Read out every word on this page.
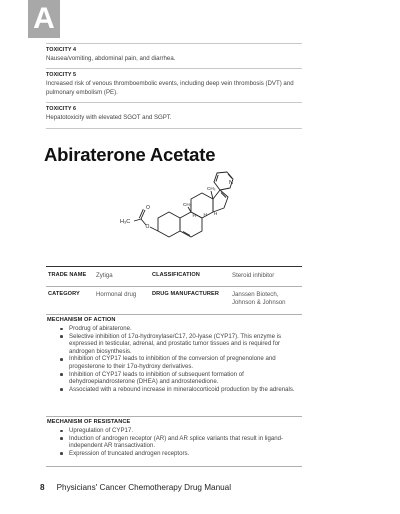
A
TOXICITY 4
Nausea/vomiting, abdominal pain, and diarrhea.
TOXICITY 5
Increased risk of venous thromboembolic events, including deep vein thrombosis (DVT) and pulmonary embolism (PE).
TOXICITY 6
Hepatotoxicity with elevated SGOT and SGPT.
Abiraterone Acetate
H₃C
O
O
N
CH₃
CH₃
H H
H
TRADE NAME	Zytiga	CLASSIFICATION	Steroid inhibitor
CATEGORY	Hormonal drug	DRUG MANUFACTURER	Janssen Biotech, Johnson & Johnson
MECHANISM OF ACTION
Prodrug of abiraterone.
Selective inhibition of 17α-hydroxylase/C17, 20-lyase (CYP17). This enzyme is expressed in testicular, adrenal, and prostatic tumor tissues and is required for androgen biosynthesis.
Inhibition of CYP17 leads to inhibition of the conversion of pregnenolone and progesterone to their 17α-hydroxy derivatives.
Inhibition of CYP17 leads to inhibition of subsequent formation of dehydroepiandrosterone (DHEA) and androstenedione.
Associated with a rebound increase in mineralocorticoid production by the adrenals.
MECHANISM OF RESISTANCE
Upregulation of CYP17.
Induction of androgen receptor (AR) and AR splice variants that result in ligand-independent AR transactivation.
Expression of truncated androgen receptors.
8 Physicians' Cancer Chemotherapy Drug Manual
